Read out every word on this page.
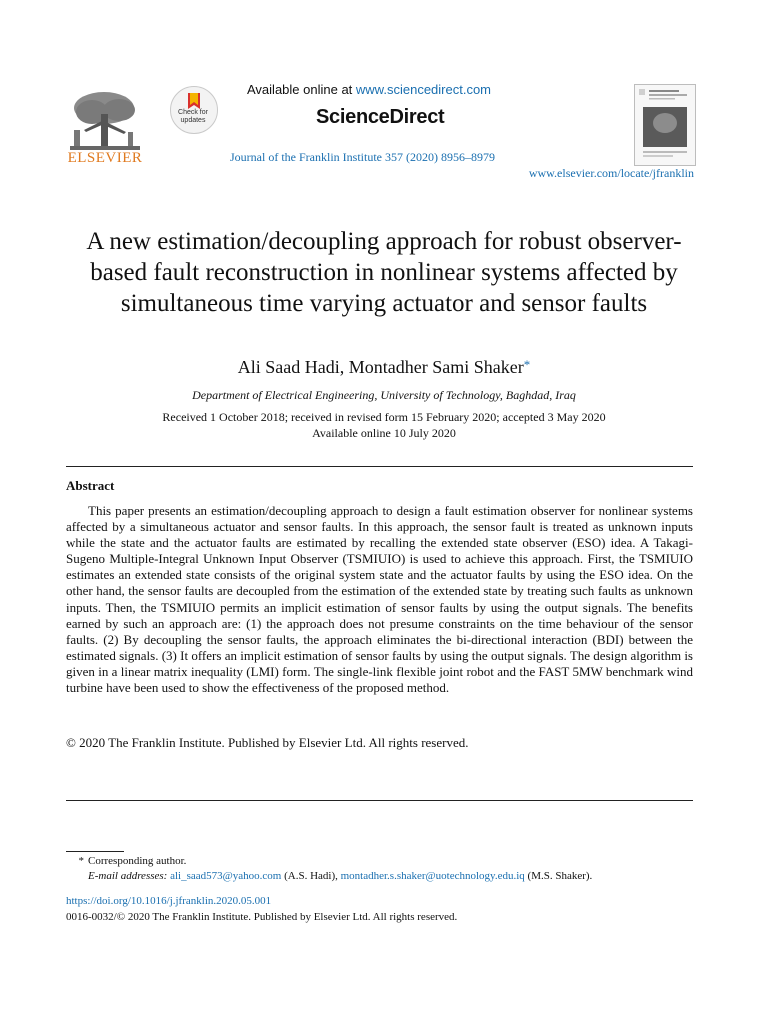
ELSEVIER
Check for updates
Available online at www.sciencedirect.com
ScienceDirect
Journal of the Franklin Institute 357 (2020) 8956–8979
www.elsevier.com/locate/jfranklin
A new estimation/decoupling approach for robust observer-based fault reconstruction in nonlinear systems affected by simultaneous time varying actuator and sensor faults
Ali Saad Hadi, Montadher Sami Shaker*
Department of Electrical Engineering, University of Technology, Baghdad, Iraq
Received 1 October 2018; received in revised form 15 February 2020; accepted 3 May 2020
Available online 10 July 2020
Abstract
This paper presents an estimation/decoupling approach to design a fault estimation observer for nonlinear systems affected by a simultaneous actuator and sensor faults. In this approach, the sensor fault is treated as unknown inputs while the state and the actuator faults are estimated by recalling the extended state observer (ESO) idea. A Takagi-Sugeno Multiple-Integral Unknown Input Observer (TSMIUIO) is used to achieve this approach. First, the TSMIUIO estimates an extended state consists of the original system state and the actuator faults by using the ESO idea. On the other hand, the sensor faults are decoupled from the estimation of the extended state by treating such faults as unknown inputs. Then, the TSMIUIO permits an implicit estimation of sensor faults by using the output signals. The benefits earned by such an approach are: (1) the approach does not presume constraints on the time behaviour of the sensor faults. (2) By decoupling the sensor faults, the approach eliminates the bi-directional interaction (BDI) between the estimated signals. (3) It offers an implicit estimation of sensor faults by using the output signals. The design algorithm is given in a linear matrix inequality (LMI) form. The single-link flexible joint robot and the FAST 5MW benchmark wind turbine have been used to show the effectiveness of the proposed method.
© 2020 The Franklin Institute. Published by Elsevier Ltd. All rights reserved.
* Corresponding author.
E-mail addresses: ali_saad573@yahoo.com (A.S. Hadi), montadher.s.shaker@uotechnology.edu.iq (M.S. Shaker).
https://doi.org/10.1016/j.jfranklin.2020.05.001
0016-0032/© 2020 The Franklin Institute. Published by Elsevier Ltd. All rights reserved.
